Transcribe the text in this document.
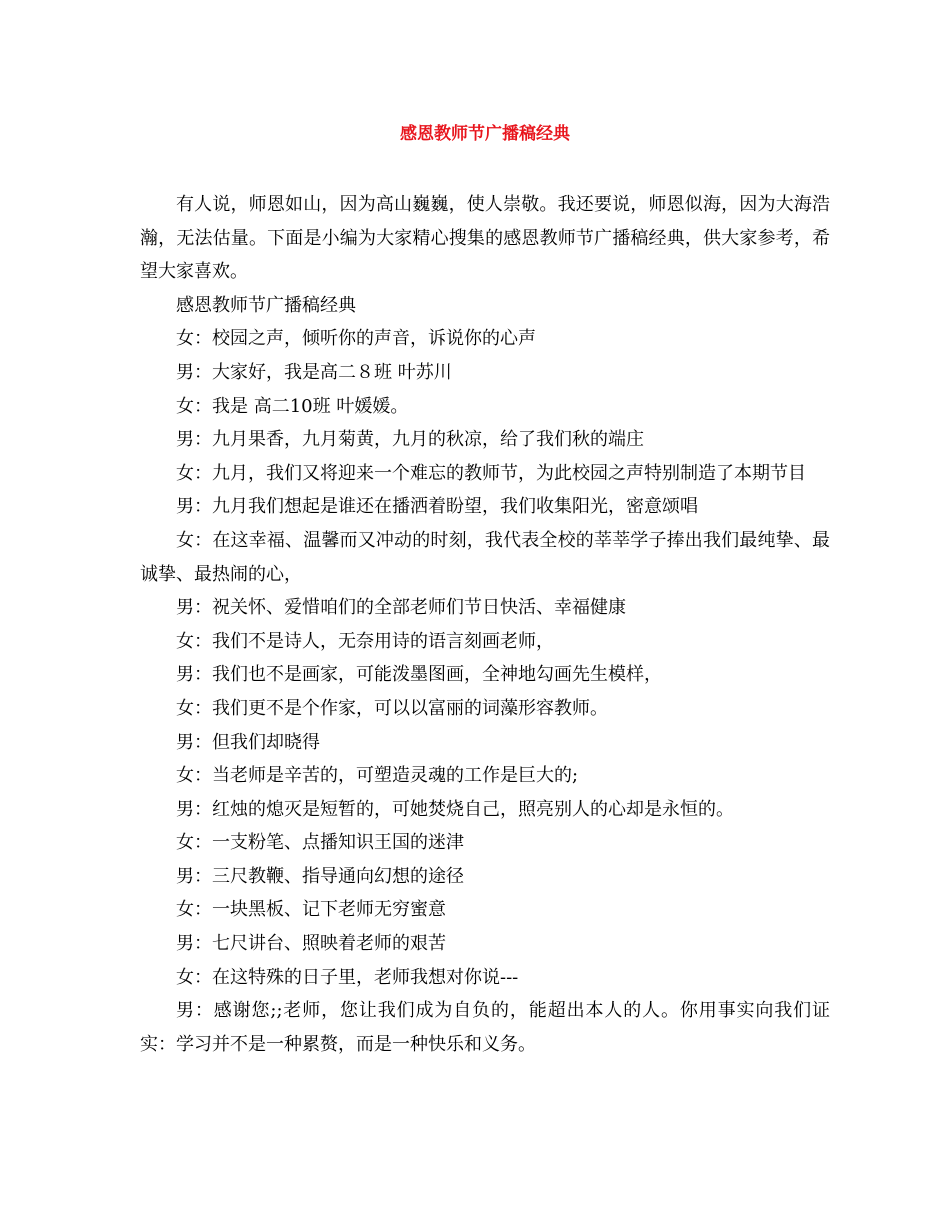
感恩教师节广播稿经典

有人说，师恩如山，因为高山巍巍，使人崇敬。我还要说，师恩似海，因为大海浩瀚，无法估量。下面是小编为大家精心搜集的感恩教师节广播稿经典，供大家参考，希望大家喜欢。

感恩教师节广播稿经典

女：校园之声，倾听你的声音，诉说你的心声

男：大家好，我是高二８班 叶苏川

女：我是 高二10班 叶媛媛。

男：九月果香，九月菊黄，九月的秋凉，给了我们秋的端庄

女：九月，我们又将迎来一个难忘的教师节，为此校园之声特别制造了本期节目

男：九月我们想起是谁还在播洒着盼望，我们收集阳光，密意颂唱

女：在这幸福、温馨而又冲动的时刻，我代表全校的莘莘学子捧出我们最纯挚、最诚挚、最热闹的心，

男：祝关怀、爱惜咱们的全部老师们节日快活、幸福健康

女：我们不是诗人，无奈用诗的语言刻画老师，

男：我们也不是画家，可能泼墨图画，全神地勾画先生模样，

女：我们更不是个作家，可以以富丽的词藻形容教师。

男：但我们却晓得

女：当老师是辛苦的，可塑造灵魂的工作是巨大的;

男：红烛的熄灭是短暂的，可她焚烧自己，照亮别人的心却是永恒的。

女：一支粉笔、点播知识王国的迷津

男：三尺教鞭、指导通向幻想的途径

女：一块黑板、记下老师无穷蜜意

男：七尺讲台、照映着老师的艰苦

女：在这特殊的日子里，老师我想对你说---

男：感谢您;;老师，您让我们成为自负的，能超出本人的人。你用事实向我们证实：学习并不是一种累赘，而是一种快乐和义务。
